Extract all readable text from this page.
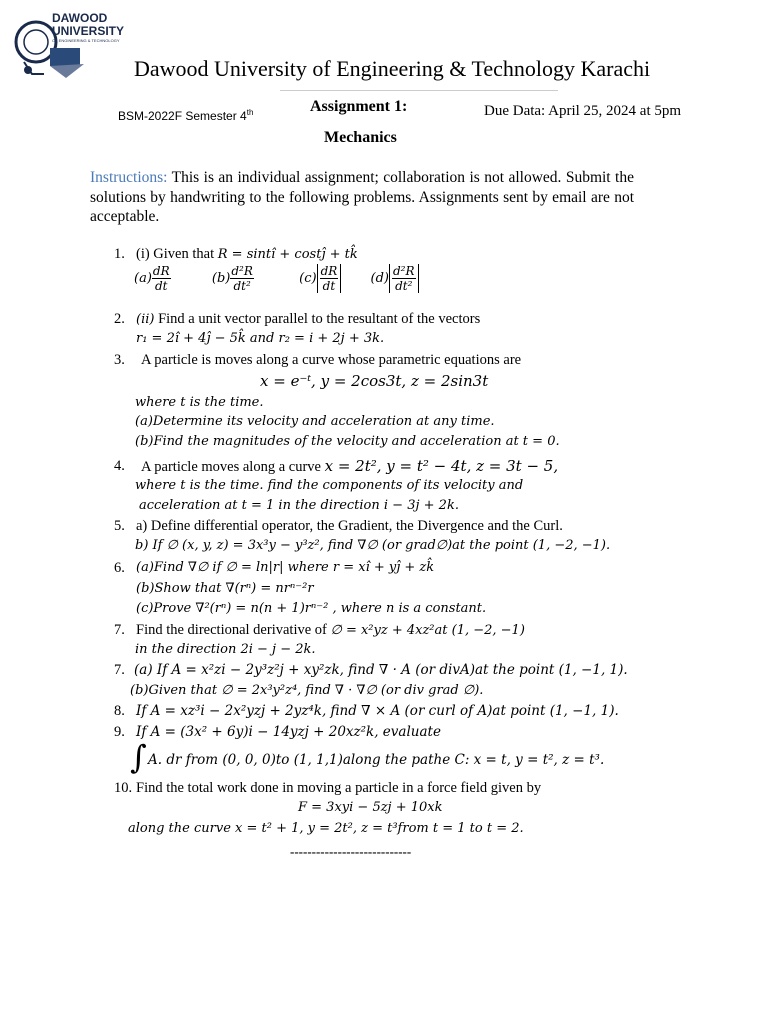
DAWOOD
UNIVERSITY
OF ENGINEERING & TECHNOLOGY
Dawood University of Engineering & Technology Karachi
BSM-2022F Semester 4th	Assignment 1:
Mechanics
Due Data: April 25, 2024 at 5pm
Instructions: This is an individual assignment; collaboration is not allowed. Submit the solutions by handwriting to the following problems. Assignments sent by email are not acceptable.
1. (i) Given that R = sintî + costĵ + tk̂
$(a) \frac{dR}{dt}$	$(b) \frac{\text{d²R}}{\text{dt²}}$	$(c) \frac{dR}{dt} (d) \frac{\text{d²R}}{\text{dt²}}$
2. (ii) Find a unit vector parallel to the resultant of the vectors
r₁ = 2î + 4ĵ − 5k̂ and r₂ = i + 2j + 3k.
3. A particle is moves along a curve whose parametric equations are
x = e⁻ᵗ, y = 2cos3t, z = 2sin3t
where t is the time.
(a)Determine its velocity and acceleration at any time.
(b)Find the magnitudes of the velocity and acceleration at t = 0.
4. A particle moves along a curve x = 2t², y = t² − 4t, z = 3t − 5,
where t is the time. find the components of its velocity and
acceleration at t = 1 in the direction i − 3j + 2k.
5. a) Define differential operator, the Gradient, the Divergence and the Curl.
b) If ∅ (x, y, z) = 3x³y − y³z², find ∇∅ (or grad∅)at the point (1, −2, −1).
6. (a)Find ∇∅ if ∅ = ln|r| where r = xî + yĵ + zk̂
(b)Show that ∇(rⁿ) = nrⁿ⁻²r
(c)Prove ∇²(rⁿ) = n(n + 1)rⁿ⁻² , where n is a constant.
7. Find the directional derivative of ∅ = x²yz + 4xz²at (1, −2, −1)
in the direction 2i − j − 2k.
7. (a) If A = x²zi − 2y³z²j + xy²zk, find ∇ · A (or divA)at the point (1, −1, 1).
(b)Given that ∅ = 2x³y²z⁴, find ∇ · ∇∅ (or div grad ∅).
8. If A = xz³i − 2x²yzj + 2yz⁴k, find ∇ × A (or curl of A)at point (1, −1, 1).
9. If A = (3x² + 6y)i − 14yzj + 20xz²k, evaluate
∫ A. dr from (0, 0, 0)to (1, 1,1)along the pathe C: x = t, y = t², z = t³.
10. Find the total work done in moving a particle in a force field given by
F = 3xyi − 5zj + 10xk
along the curve x = t² + 1, y = 2t², z = t³from t = 1 to t = 2.
----------------------------
